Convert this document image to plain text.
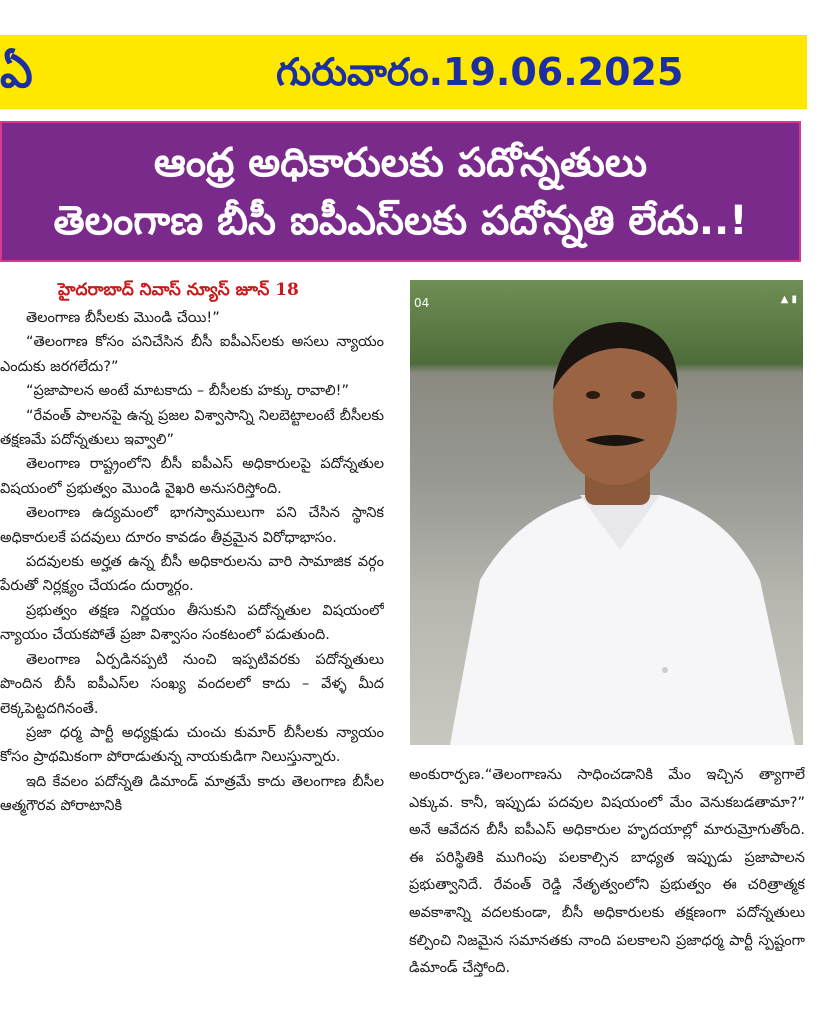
ఏ	గురువారం.19.06.2025
ఆంధ్ర అధికారులకు పదోన్నతులు
తెలంగాణ బీసీ ఐపీఎస్‌లకు పదోన్నతి లేదు..!
హైదరాబాద్ నివాస్ న్యూస్ జూన్ 18

తెలంగాణ బీసీలకు మొండి చేయి!”

“తెలంగాణ కోసం పనిచేసిన బీసీ ఐపీఎస్‌లకు అసలు న్యాయం ఎందుకు జరగలేదు?”

“ప్రజాపాలన అంటే మాటకాదు – బీసీలకు హక్కు రావాలి!”

“రేవంత్ పాలనపై ఉన్న ప్రజల విశ్వాసాన్ని నిలబెట్టాలంటే బీసీలకు తక్షణమే పదోన్నతులు ఇవ్వాలి”

తెలంగాణ రాష్ట్రంలోని బీసీ ఐపీఎస్ అధికారులపై పదోన్నతుల విషయంలో ప్రభుత్వం మొండి వైఖరి అనుసరిస్తోంది.

తెలంగాణ ఉద్యమంలో భాగస్వాములుగా పని చేసిన స్థానిక అధికారులకే పదవులు దూరం కావడం తీవ్రమైన విరోధాభాసం.

పదవులకు అర్హత ఉన్న బీసీ అధికారులను వారి సామాజిక వర్గం పేరుతో నిర్లక్ష్యం చేయడం దుర్మార్గం.

ప్రభుత్వం తక్షణ నిర్ణయం తీసుకుని పదోన్నతుల విషయంలో న్యాయం చేయకపోతే ప్రజా విశ్వాసం సంకటంలో పడుతుంది.

తెలంగాణ ఏర్పడినప్పటి నుంచి ఇప్పటివరకు పదోన్నతులు పొందిన బీసీ ఐపీఎస్‌ల సంఖ్య వందలలో కాదు – వేళ్ళ మీద లెక్కపెట్టదగినంతే.

ప్రజా ధర్మ పార్టీ అధ్యక్షుడు చుంచు కుమార్ బీసీలకు న్యాయం కోసం ప్రాథమికంగా పోరాడుతున్న నాయకుడిగా నిలుస్తున్నారు.

ఇది కేవలం పదోన్నతి డిమాండ్ మాత్రమే కాదు తెలంగాణ బీసీల ఆత్మగౌరవ పోరాటానికి

04	▲ ▮

అంకురార్పణ.“తెలంగాణను సాధించడానికి మేం ఇచ్చిన త్యాగాలే ఎక్కువ. కానీ, ఇప్పుడు పదవుల విషయంలో మేం వెనుకబడతామా?” అనే ఆవేదన బీసీ ఐపీఎస్ అధికారుల హృదయాల్లో మారుమ్రోగుతోంది. ఈ పరిస్థితికి ముగింపు పలకాల్సిన బాధ్యత ఇప్పుడు ప్రజాపాలన ప్రభుత్వానిదే. రేవంత్ రెడ్డి నేతృత్వంలోని ప్రభుత్వం ఈ చరిత్రాత్మక అవకాశాన్ని వదలకుండా, బీసీ అధికారులకు తక్షణంగా పదోన్నతులు కల్పించి నిజమైన సమానతకు నాంది పలకాలని ప్రజాధర్మ పార్టీ స్పష్టంగా డిమాండ్ చేస్తోంది.
